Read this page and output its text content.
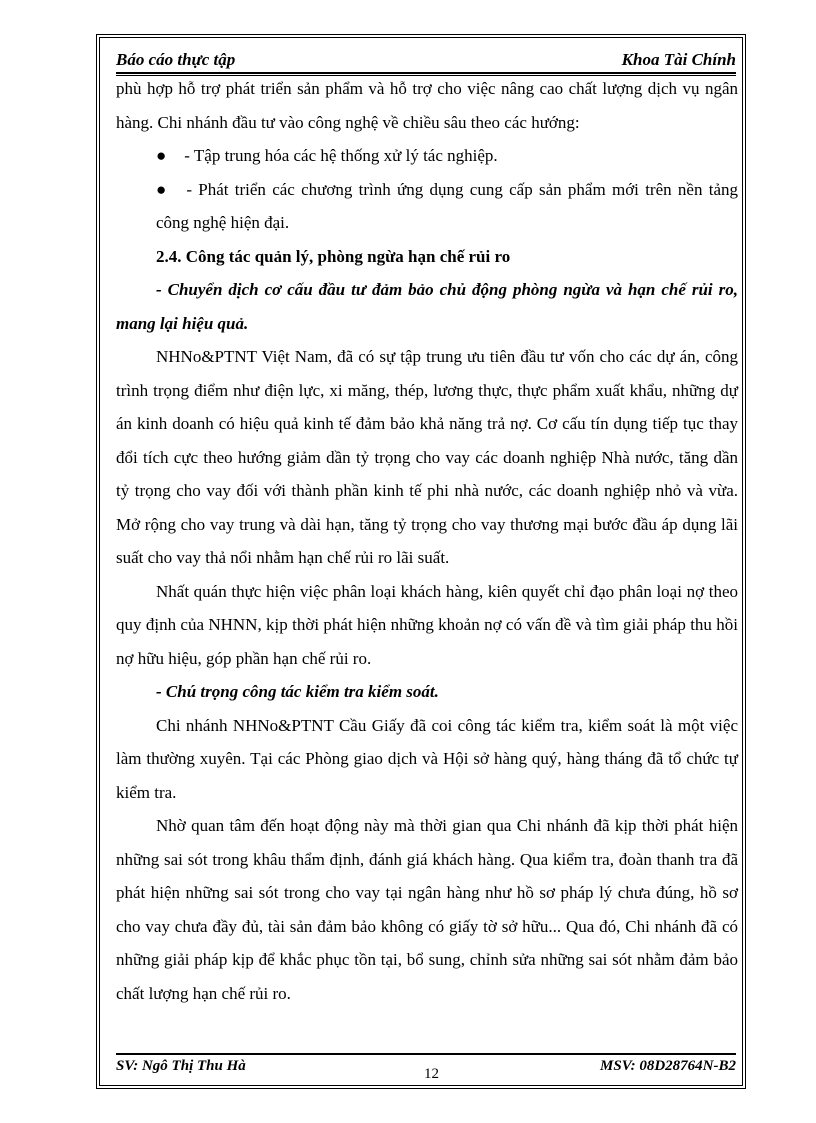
Báo cáo thực tập	Khoa Tài Chính

phù hợp hỗ trợ phát triển sản phẩm và hỗ trợ cho việc nâng cao chất lượng dịch vụ ngân hàng. Chi nhánh đầu tư vào công nghệ về chiều sâu theo các hướng:

● - Tập trung hóa các hệ thống xử lý tác nghiệp.

● - Phát triển các chương trình ứng dụng cung cấp sản phẩm mới trên nền tảng công nghệ hiện đại.

2.4. Công tác quản lý, phòng ngừa hạn chế rủi ro

- Chuyển dịch cơ cấu đầu tư đảm bảo chủ động phòng ngừa và hạn chế rủi ro, mang lại hiệu quả.

NHNo&PTNT Việt Nam, đã có sự tập trung ưu tiên đầu tư vốn cho các dự án, công trình trọng điểm như điện lực, xi măng, thép, lương thực, thực phẩm xuất khẩu, những dự án kinh doanh có hiệu quả kinh tế đảm bảo khả năng trả nợ. Cơ cấu tín dụng tiếp tục thay đổi tích cực theo hướng giảm dần tỷ trọng cho vay các doanh nghiệp Nhà nước, tăng dần tỷ trọng cho vay đối với thành phần kinh tế phi nhà nước, các doanh nghiệp nhỏ và vừa. Mở rộng cho vay trung và dài hạn, tăng tỷ trọng cho vay thương mại bước đầu áp dụng lãi suất cho vay thả nổi nhằm hạn chế rủi ro lãi suất.

Nhất quán thực hiện việc phân loại khách hàng, kiên quyết chỉ đạo phân loại nợ theo quy định của NHNN, kịp thời phát hiện những khoản nợ có vấn đề và tìm giải pháp thu hồi nợ hữu hiệu, góp phần hạn chế rủi ro.

- Chú trọng công tác kiểm tra kiểm soát.

Chi nhánh NHNo&PTNT Cầu Giấy đã coi công tác kiểm tra, kiểm soát là một việc làm thường xuyên. Tại các Phòng giao dịch và Hội sở hàng quý, hàng tháng đã tổ chức tự kiểm tra.

Nhờ quan tâm đến hoạt động này mà thời gian qua Chi nhánh đã kịp thời phát hiện những sai sót trong khâu thẩm định, đánh giá khách hàng. Qua kiểm tra, đoàn thanh tra đã phát hiện những sai sót trong cho vay tại ngân hàng như hồ sơ pháp lý chưa đúng, hồ sơ cho vay chưa đầy đủ, tài sản đảm bảo không có giấy tờ sở hữu... Qua đó, Chi nhánh đã có những giải pháp kịp để khắc phục tồn tại, bổ sung, chỉnh sửa những sai sót nhằm đảm bảo chất lượng hạn chế rủi ro.

SV: Ngô Thị Thu Hà	12	MSV: 08D28764N-B2
